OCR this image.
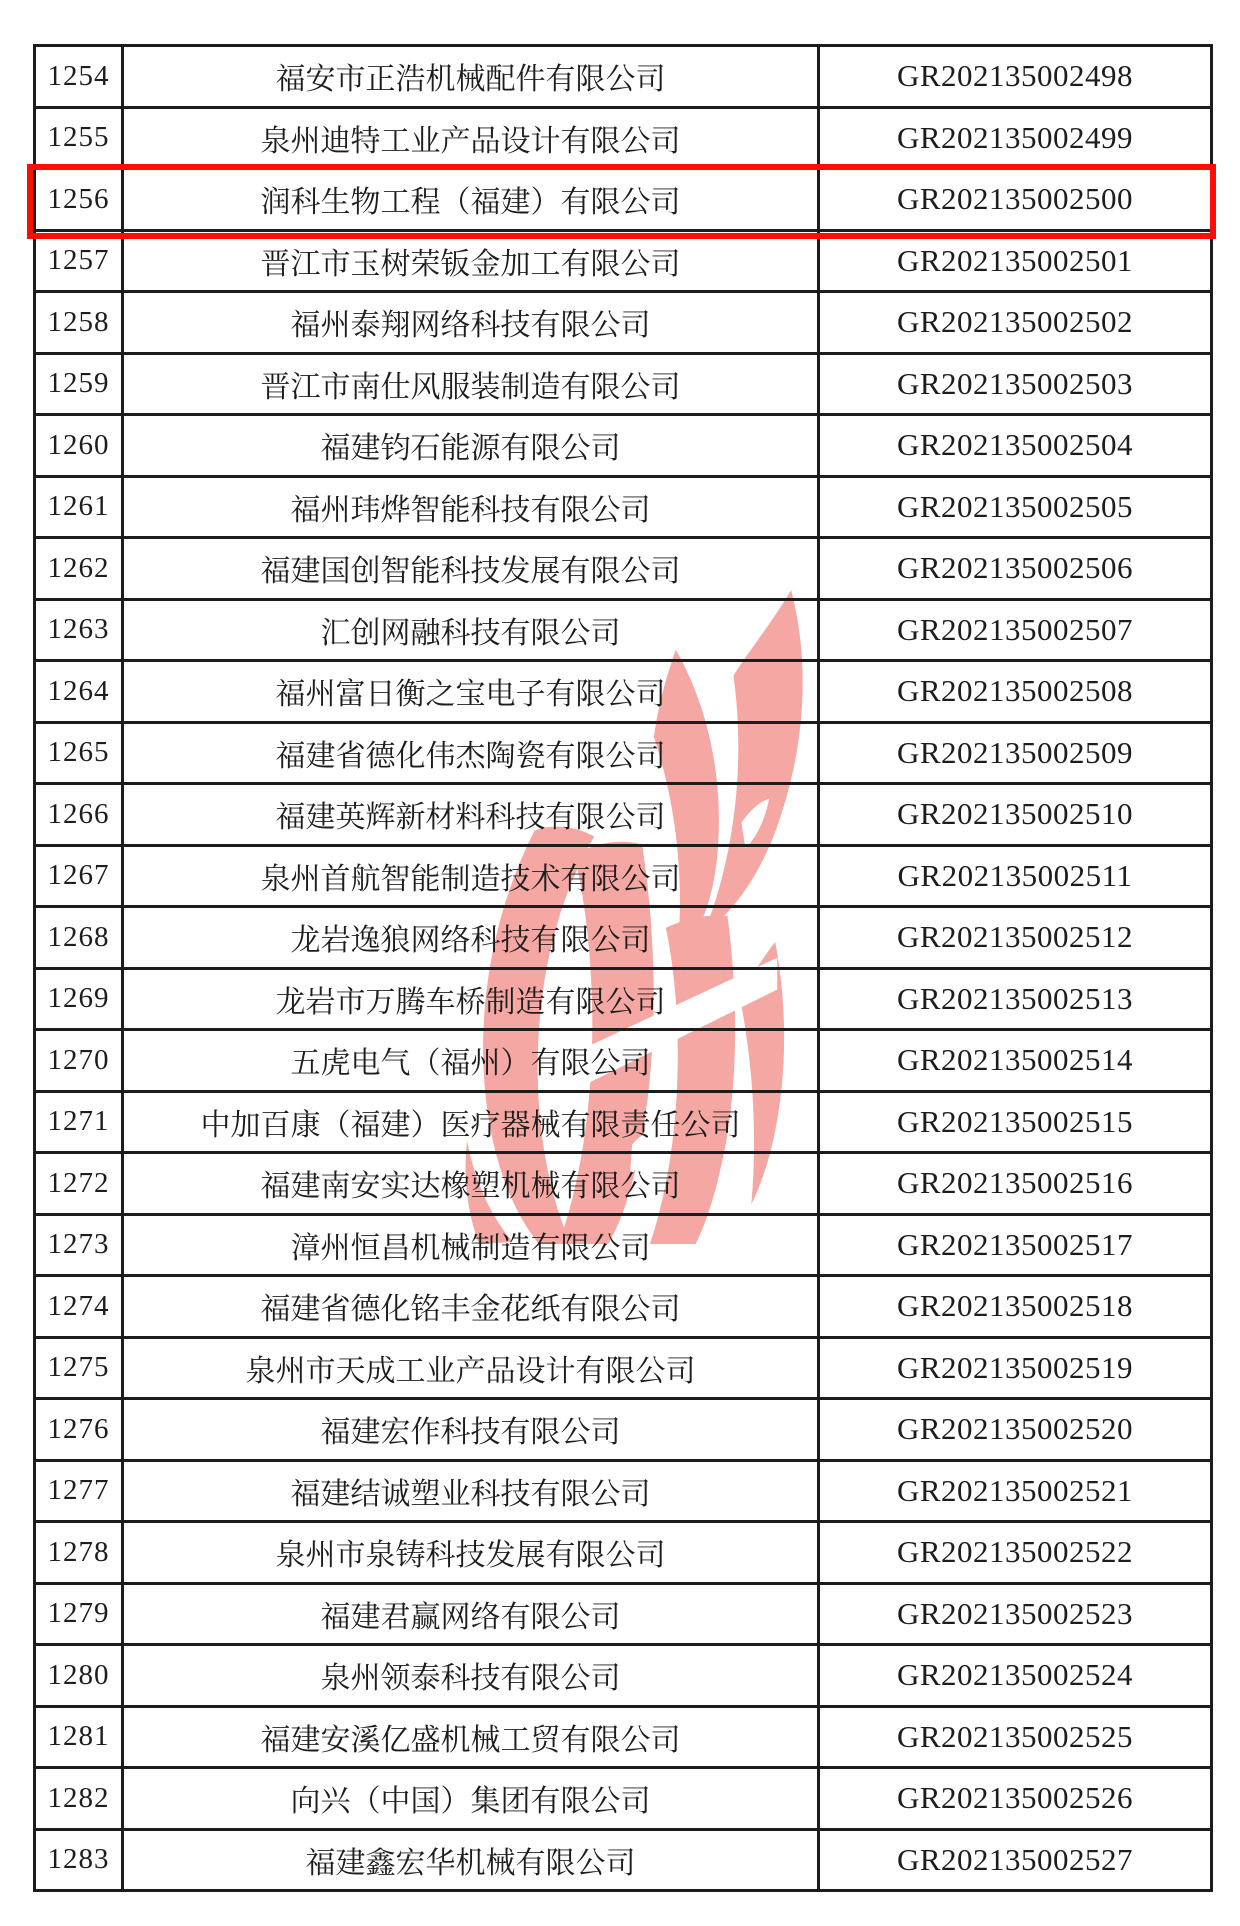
1254	福安市正浩机械配件有限公司	GR202135002498
1255	泉州迪特工业产品设计有限公司	GR202135002499
1256	润科生物工程（福建）有限公司	GR202135002500
1257	晋江市玉树荣钣金加工有限公司	GR202135002501
1258	福州泰翔网络科技有限公司	GR202135002502
1259	晋江市南仕风服装制造有限公司	GR202135002503
1260	福建钧石能源有限公司	GR202135002504
1261	福州玮烨智能科技有限公司	GR202135002505
1262	福建国创智能科技发展有限公司	GR202135002506
1263	汇创网融科技有限公司	GR202135002507
1264	福州富日衡之宝电子有限公司	GR202135002508
1265	福建省德化伟杰陶瓷有限公司	GR202135002509
1266	福建英辉新材料科技有限公司	GR202135002510
1267	泉州首航智能制造技术有限公司	GR202135002511
1268	龙岩逸狼网络科技有限公司	GR202135002512
1269	龙岩市万腾车桥制造有限公司	GR202135002513
1270	五虎电气（福州）有限公司	GR202135002514
1271	中加百康（福建）医疗器械有限责任公司	GR202135002515
1272	福建南安实达橡塑机械有限公司	GR202135002516
1273	漳州恒昌机械制造有限公司	GR202135002517
1274	福建省德化铭丰金花纸有限公司	GR202135002518
1275	泉州市天成工业产品设计有限公司	GR202135002519
1276	福建宏作科技有限公司	GR202135002520
1277	福建结诚塑业科技有限公司	GR202135002521
1278	泉州市泉铸科技发展有限公司	GR202135002522
1279	福建君赢网络有限公司	GR202135002523
1280	泉州领泰科技有限公司	GR202135002524
1281	福建安溪亿盛机械工贸有限公司	GR202135002525
1282	向兴（中国）集团有限公司	GR202135002526
1283	福建鑫宏华机械有限公司	GR202135002527
